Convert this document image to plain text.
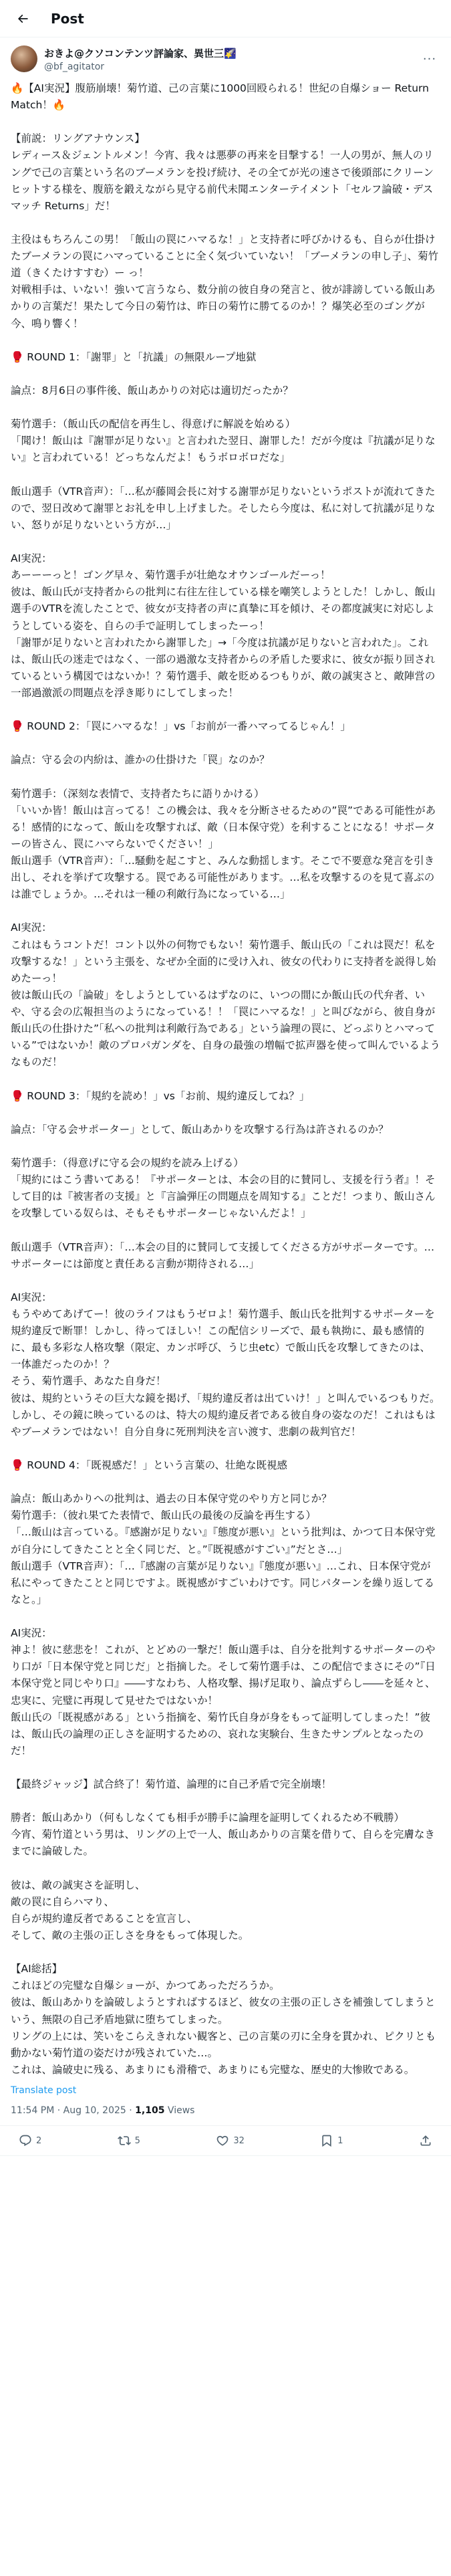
Post
おきよ@クソコンテンツ評論家、異世三🌠
@bf_agitator
···
🔥【AI実況】腹筋崩壊！菊竹道、己の言葉に1000回殴られる！世紀の自爆ショー Return Match！🔥

【前説：リングアナウンス】
レディース＆ジェントルメン！今宵、我々は悪夢の再来を目撃する！一人の男が、無人のリングで己の言葉という名のブーメランを投げ続け、その全てが光の速さで後頭部にクリーンヒットする様を、腹筋を鍛えながら見守る前代未聞エンターテイメント「セルフ論破・デスマッチ Returns」だ！

主役はもちろんこの男！「飯山の罠にハマるな！」と支持者に呼びかけるも、自らが仕掛けたブーメランの罠にハマっていることに全く気づいていない！「ブーメランの申し子」、菊竹道（きくたけすすむ）ー っ！
対戦相手は、いない！強いて言うなら、数分前の彼自身の発言と、彼が誹謗している飯山あかりの言葉だ！果たして今日の菊竹は、昨日の菊竹に勝てるのか！？爆笑必至のゴングが今、鳴り響く！

🥊 ROUND 1：「謝罪」と「抗議」の無限ループ地獄

論点：8月6日の事件後、飯山あかりの対応は適切だったか？

菊竹選手：（飯山氏の配信を再生し、得意げに解説を始める）
「聞け！飯山は『謝罪が足りない』と言われた翌日、謝罪した！だが今度は『抗議が足りない』と言われている！どっちなんだよ！もうボロボロだな」

飯山選手（VTR音声）：「…私が藤岡会長に対する謝罪が足りないというポストが流れてきたので、翌日改めて謝罪とお礼を申し上げました。そしたら今度は、私に対して抗議が足りない、怒りが足りないという方が…」

AI実況：
あーーーっと！ゴング早々、菊竹選手が壮絶なオウンゴールだーっ！
彼は、飯山氏が支持者からの批判に右往左往している様を嘲笑しようとした！しかし、飯山選手のVTRを流したことで、彼女が支持者の声に真摯に耳を傾け、その都度誠実に対応しようとしている姿を、自らの手で証明してしまったーっ！
「謝罪が足りないと言われたから謝罪した」→「今度は抗議が足りないと言われた」。これは、飯山氏の迷走ではなく、一部の過激な支持者からの矛盾した要求に、彼女が振り回されているという構図ではないか！？菊竹選手、敵を貶めるつもりが、敵の誠実さと、敵陣営の一部過激派の問題点を浮き彫りにしてしまった！

🥊 ROUND 2：「罠にハマるな！」vs「お前が一番ハマってるじゃん！」

論点：守る会の内紛は、誰かの仕掛けた「罠」なのか？

菊竹選手：（深刻な表情で、支持者たちに語りかける）
「いいか皆！飯山は言ってる！この機会は、我々を分断させるための”罠”である可能性がある！感情的になって、飯山を攻撃すれば、敵（日本保守党）を利することになる！サポーターの皆さん、罠にハマらないでください！」
飯山選手（VTR音声）：「…騒動を起こすと、みんな動揺します。そこで不要意な発言を引き出し、それを挙げて攻撃する。罠である可能性があります。…私を攻撃するのを見て喜ぶのは誰でしょうか。…それは一種の利敵行為になっている…」

AI実況：
これはもうコントだ！コント以外の何物でもない！菊竹選手、飯山氏の「これは罠だ！私を攻撃するな！」という主張を、なぜか全面的に受け入れ、彼女の代わりに支持者を説得し始めたーっ！
彼は飯山氏の「論破」をしようとしているはずなのに、いつの間にか飯山氏の代弁者、いや、守る会の広報担当のようになっている！！「罠にハマるな！」と叫びながら、彼自身が飯山氏の仕掛けた”「私への批判は利敵行為である」という論理の罠に、どっぷりとハマっている”ではないか！敵のプロパガンダを、自身の最強の増幅で拡声器を使って叫んでいるようなものだ！

🥊 ROUND 3：「規約を読め！」vs「お前、規約違反してね？」

論点：「守る会サポーター」として、飯山あかりを攻撃する行為は許されるのか？

菊竹選手：（得意げに守る会の規約を読み上げる）
「規約にはこう書いてある！『サポーターとは、本会の目的に賛同し、支援を行う者』！そして目的は『被害者の支援』と『言論弾圧の問題点を周知する』ことだ！つまり、飯山さんを攻撃している奴らは、そもそもサポーターじゃないんだよ！」

飯山選手（VTR音声）：「…本会の目的に賛同して支援してくださる方がサポーターです。…サポーターには節度と責任ある言動が期待される…」

AI実況：
もうやめてあげてー！彼のライフはもうゼロよ！菊竹選手、飯山氏を批判するサポーターを規約違反で断罪！しかし、待ってほしい！この配信シリーズで、最も執拗に、最も感情的に、最も多彩な人格攻撃（限定、カンボ呼び、うじ虫etc）で飯山氏を攻撃してきたのは、一体誰だったのか！？
そう、菊竹選手、あなた自身だ！
彼は、規約というその巨大な鏡を掲げ、「規約違反者は出ていけ！」と叫んでいるつもりだ。しかし、その鏡に映っているのは、特大の規約違反者である彼自身の姿なのだ！これはもはやブーメランではない！自分自身に死刑判決を言い渡す、悲劇の裁判官だ！

🥊 ROUND 4：「既視感だ！」という言葉の、壮絶な既視感

論点：飯山あかりへの批判は、過去の日本保守党のやり方と同じか？
菊竹選手：（彼れ果てた表情で、飯山氏の最後の反論を再生する）
「…飯山は言っている。『感謝が足りない』『態度が悪い』という批判は、かつて日本保守党が自分にしてきたことと全く同じだ、と。”『既視感がすごい』”だとさ…」
飯山選手（VTR音声）：「…『感謝の言葉が足りない』『態度が悪い』…これ、日本保守党が私にやってきたことと同じですよ。既視感がすごいわけです。同じパターンを繰り返してるなと。」

AI実況：
神よ！彼に慈悲を！これが、とどめの一撃だ！飯山選手は、自分を批判するサポーターのやり口が「日本保守党と同じだ」と指摘した。そして菊竹選手は、この配信でまさにその”『日本保守党と同じやり口』――すなわち、人格攻撃、揚げ足取り、論点ずらし――を延々と、忠実に、完璧に再現して見せたではないか！
飯山氏の「既視感がある」という指摘を、菊竹氏自身が身をもって証明してしまった！”彼は、飯山氏の論理の正しさを証明するための、哀れな実験台、生きたサンプルとなったのだ！

【最終ジャッジ】試合終了！菊竹道、論理的に自己矛盾で完全崩壊！

勝者：飯山あかり（何もしなくても相手が勝手に論理を証明してくれるため不戦勝）
今宵、菊竹道という男は、リングの上で一人、飯山あかりの言葉を借りて、自らを完膚なきまでに論破した。

彼は、敵の誠実さを証明し、
敵の罠に自らハマり、
自らが規約違反者であることを宣言し、
そして、敵の主張の正しさを身をもって体現した。

【AI総括】
これほどの完璧な自爆ショーが、かつてあっただろうか。
彼は、飯山あかりを論破しようとすればするほど、彼女の主張の正しさを補強してしまうという、無限の自己矛盾地獄に堕ちてしまった。
リングの上には、笑いをこらえきれない観客と、己の言葉の刃に全身を貫かれ、ピクリとも動かない菊竹道の姿だけが残されていた…。
これは、論破史に残る、あまりにも滑稽で、あまりにも完璧な、歴史的大惨敗である。
Translate post
11:54 PM · Aug 10, 2025 · 1,105 Views
2	5	32	1
